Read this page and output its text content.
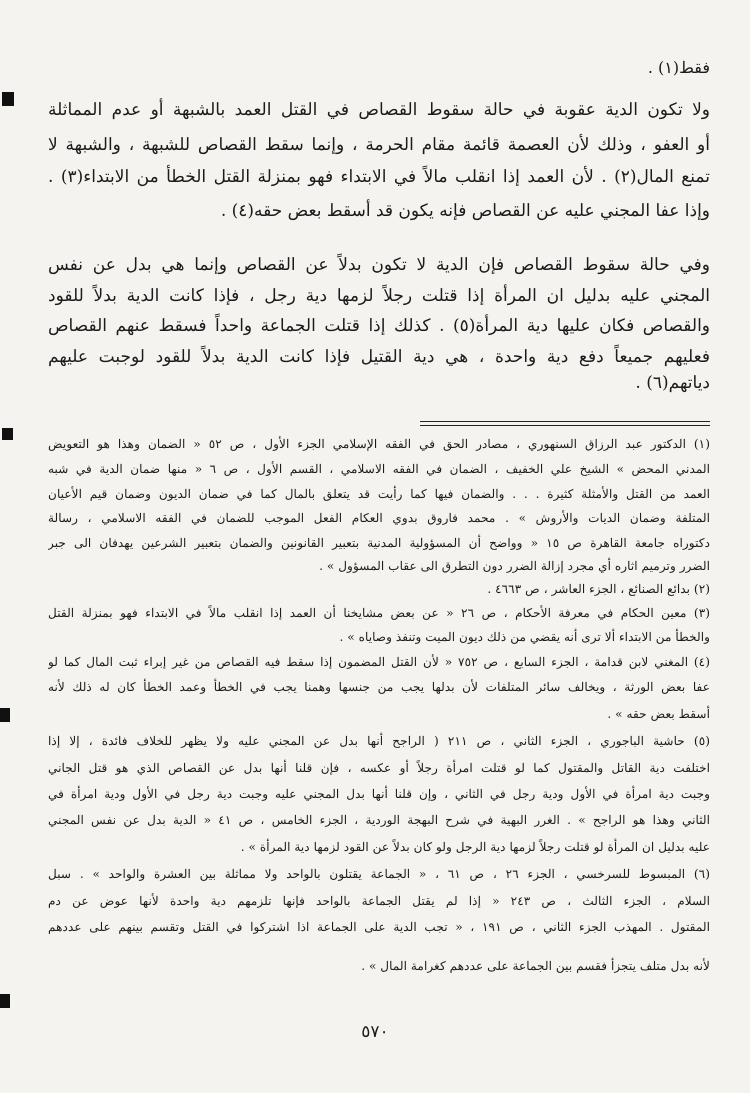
فقط(١) .
ولا تكون الدية عقوبة في حالة سقوط القصاص في القتل العمد بالشبهة أو عدم المماثلة
أو العفو ، وذلك لأن العصمة قائمة مقام الحرمة ، وإنما سقط القصاص للشبهة ، والشبهة لا
تمنع المال(٢) . لأن العمد إذا انقلب مالاً في الابتداء فهو بمنزلة القتل الخطأ من الابتداء(٣) .
وإذا عفا المجني عليه عن القصاص فإنه يكون قد أسقط بعض حقه(٤) .
وفي حالة سقوط القصاص فإن الدية لا تكون بدلاً عن القصاص وإنما هي بدل عن نفس
المجني عليه بدليل ان المرأة إذا قتلت رجلاً لزمها دية رجل ، فإذا كانت الدية بدلاً للقود
والقصاص فكان عليها دية المرأة(٥) . كذلك إذا قتلت الجماعة واحداً فسقط عنهم القصاص
فعليهم جميعاً دفع دية واحدة ، هي دية القتيل فإذا كانت الدية بدلاً للقود لوجبت عليهم
دياتهم(٦) .
(١) الدكتور عبد الرزاق السنهوري ، مصادر الحق في الفقه الإسلامي الجزء الأول ، ص ٥٢ « الضمان وهذا هو التعويض
المدني المحض » الشيخ علي الخفيف ، الضمان في الفقه الاسلامي ، القسم الأول ، ص ٦ « منها ضمان الدية في شبه
العمد من القتل والأمثلة كثيرة . . . والضمان فيها كما رأيت قد يتعلق بالمال كما في ضمان الديون وضمان قيم الأعيان
المتلفة وضمان الديات والأروش » . محمد فاروق بدوي العكام الفعل الموجب للضمان في الفقه الاسلامي ، رسالة
دكتوراه جامعة القاهرة ص ١٥ « وواضح أن المسؤولية المدنية بتعبير القانونين والضمان بتعبير الشرعين يهدفان الى جبر
الضرر وترميم اثاره أي مجرد إزالة الضرر دون التطرق الى عقاب المسؤول » .
(٢) بدائع الصنائع ، الجزء العاشر ، ص ٤٦٦٣ .
(٣) معين الحكام في معرفة الأحكام ، ص ٢٦ « عن بعض مشايخنا أن العمد إذا انقلب مالاً في الابتداء فهو بمنزلة القتل
والخطأ من الابتداء ألا ترى أنه يقضي من ذلك ديون الميت وتنفذ وصاياه » .
(٤) المغني لابن قدامة ، الجزء السابع ، ص ٧٥٢ « لأن القتل المضمون إذا سقط فيه القصاص من غير إبراء ثبت المال كما لو
عفا بعض الورثة ، ويخالف سائر المتلفات لأن بدلها يجب من جنسها وهمنا يجب في الخطأ وعمد الخطأ كان له ذلك لأنه
أسقط بعض حقه » .
(٥) حاشية الباجوري ، الجزء الثاني ، ص ٢١١ ( الراجح أنها بدل عن المجني عليه ولا يظهر للخلاف فائدة ، إلا إذا
اختلفت دية القاتل والمقتول كما لو قتلت امرأة رجلاً أو عكسه ، فإن قلنا أنها بدل عن القصاص الذي هو قتل الجاني
وجبت دية امرأة في الأول ودية رجل في الثاني ، وإن قلنا أنها بدل المجني عليه وجبت دية رجل في الأول ودية امرأة في
الثاني وهذا هو الراجح » . الغرر البهية في شرح البهجة الوردية ، الجزء الخامس ، ص ٤١ « الدية بدل عن نفس المجني
عليه بدليل ان المرأة لو قتلت رجلاً لزمها دية الرجل ولو كان بدلاً عن القود لزمها دية المرأة » .
(٦) المبسوط للسرخسي ، الجزء ٢٦ ، ص ٦١ ، « الجماعة يقتلون بالواحد ولا مماثلة بين العشرة والواحد » . سبل
السلام ، الجزء الثالث ، ص ٢٤٣ « إذا لم يقتل الجماعة بالواحد فإنها تلزمهم دية واحدة لأنها عوض عن دم
المقتول . المهذب الجزء الثاني ، ص ١٩١ ، « تجب الدية على الجماعة اذا اشتركوا في القتل وتقسم بينهم على عددهم
لأنه بدل متلف يتجزأ فقسم بين الجماعة على عددهم كغرامة المال » .
٥٧٠
